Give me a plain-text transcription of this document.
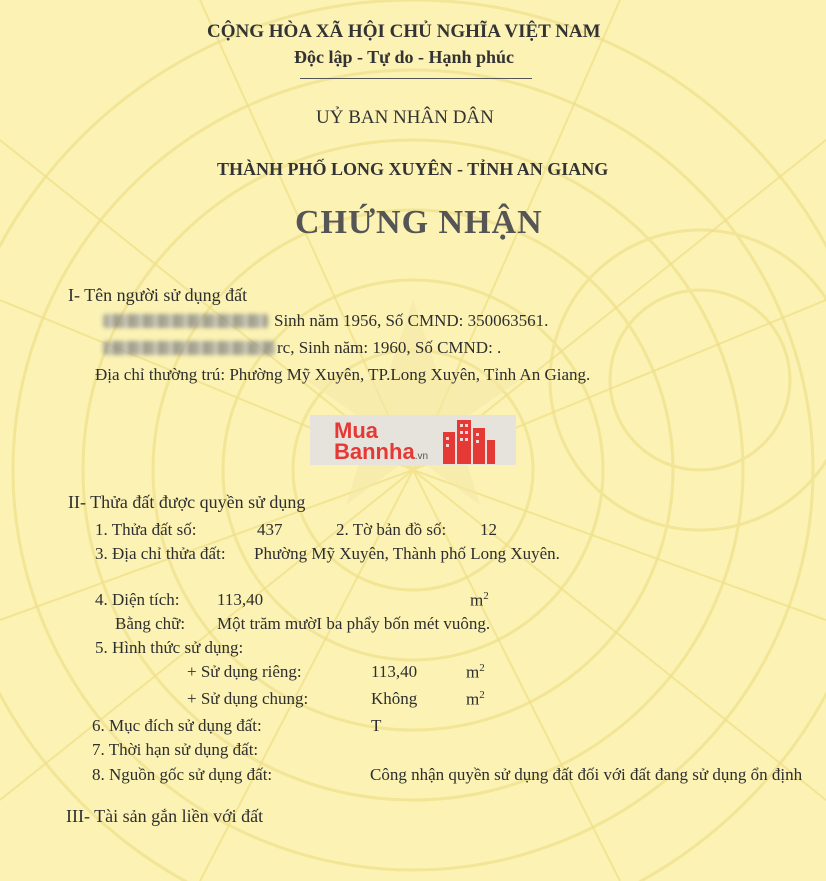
CỘNG HÒA XÃ HỘI CHỦ NGHĨA VIỆT NAM
Độc lập - Tự do - Hạnh phúc
UỶ BAN NHÂN DÂN
THÀNH PHỐ LONG XUYÊN - TỈNH AN GIANG
CHỨNG NHẬN
I- Tên người sử dụng đất
Sinh năm 1956, Số CMND: 350063561.
rc, Sinh năm: 1960, Số CMND: .
Địa chỉ thường trú: Phường Mỹ Xuyên, TP.Long Xuyên, Tỉnh An Giang.
Mua
Bannha.vn
II- Thửa đất được quyền sử dụng
1. Thửa đất số:	437	2. Tờ bản đồ số: 12
3. Địa chỉ thửa đất: Phường Mỹ Xuyên, Thành phố Long Xuyên.
4. Diện tích: 113,40	$m^2$
Bằng chữ: Một trăm mườI ba phẩy bốn mét vuông.
5. Hình thức sử dụng:
+ Sử dụng riêng:	113,40	$m^2$
+ Sử dụng chung:	Không	$m^2$
6. Mục đích sử dụng đất:	T
7. Thời hạn sử dụng đất:
8. Nguồn gốc sử dụng đất:	Công nhận quyền sử dụng đất đối với đất đang sử dụng ổn định
III- Tài sản gắn liền với đất
